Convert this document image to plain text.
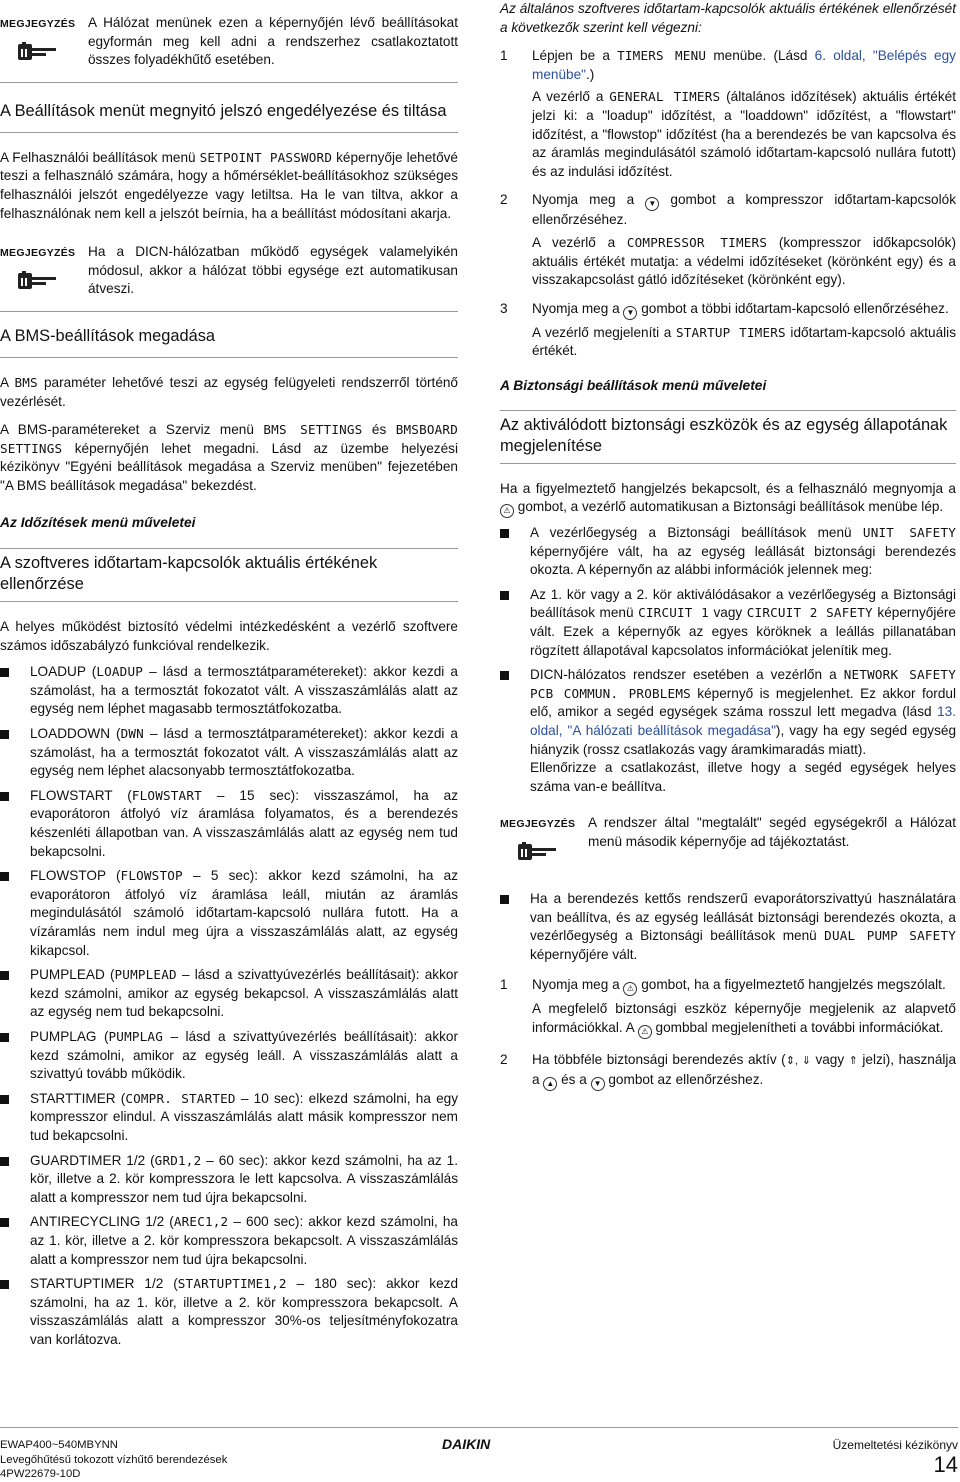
MEGJEGYZÉS A Hálózat menünek ezen a képernyőjén lévő beállításokat egyformán meg kell adni a rendszerhez csatlakoztatott összes folyadékhűtő esetében.

A Beállítások menüt megnyitó jelszó engedélyezése és tiltása

A Felhasználói beállítások menü SETPOINT PASSWORD képernyője lehetővé teszi a felhasználó számára, hogy a hőmérséklet-beállításokhoz szükséges felhasználói jelszót engedélyezze vagy letiltsa. Ha le van tiltva, akkor a felhasználónak nem kell a jelszót beírnia, ha a beállítást módosítani akarja.

MEGJEGYZÉS Ha a DICN-hálózatban működő egységek valamelyikén módosul, akkor a hálózat többi egysége ezt automatikusan átveszi.

A BMS-beállítások megadása

A BMS paraméter lehetővé teszi az egység felügyeleti rendszerről történő vezérlését.

A BMS-paramétereket a Szerviz menü BMS SETTINGS és BMSBOARD SETTINGS képernyőjén lehet megadni. Lásd az üzembe helyezési kézikönyv "Egyéni beállítások megadása a Szerviz menüben" fejezetében "A BMS beállítások megadása" bekezdést.

Az Időzítések menü műveletei

A szoftveres időtartam-kapcsolók aktuális értékének ellenőrzése

A helyes működést biztosító védelmi intézkedésként a vezérlő szoftvere számos időszabályzó funkcióval rendelkezik.

LOADUP (LOADUP – lásd a termosztátparamétereket): akkor kezdi a számolást, ha a termosztát fokozatot vált. A visszaszámlálás alatt az egység nem léphet magasabb termosztátfokozatba.

LOADDOWN (DWN – lásd a termosztátparamétereket): akkor kezdi a számolást, ha a termosztát fokozatot vált. A visszaszámlálás alatt az egység nem léphet alacsonyabb termosztátfokozatba.

FLOWSTART (FLOWSTART – 15 sec): visszaszámol, ha az evaporátoron átfolyó víz áramlása folyamatos, és a berendezés készenléti állapotban van. A visszaszámlálás alatt az egység nem tud bekapcsolni.

FLOWSTOP (FLOWSTOP – 5 sec): akkor kezd számolni, ha az evaporátoron átfolyó víz áramlása leáll, miután az áramlás megindulásától számoló időtartam-kapcsoló nullára futott. Ha a vízáramlás nem indul meg újra a visszaszámlálás alatt, az egység kikapcsol.

PUMPLEAD (PUMPLEAD – lásd a szivattyúvezérlés beállításait): akkor kezd számolni, amikor az egység bekapcsol. A visszaszámlálás alatt az egység nem tud bekapcsolni.

PUMPLAG (PUMPLAG – lásd a szivattyúvezérlés beállításait): akkor kezd számolni, amikor az egység leáll. A visszaszámlálás alatt a szivattyú tovább működik.

STARTTIMER (COMPR. STARTED – 10 sec): elkezd számolni, ha egy kompresszor elindul. A visszaszámlálás alatt másik kompresszor nem tud bekapcsolni.

GUARDTIMER 1/2 (GRD1,2 – 60 sec): akkor kezd számolni, ha az 1. kör, illetve a 2. kör kompresszora le lett kapcsolva. A visszaszámlálás alatt a kompresszor nem tud újra bekapcsolni.

ANTIRECYCLING 1/2 (AREC1,2 – 600 sec): akkor kezd számolni, ha az 1. kör, illetve a 2. kör kompresszora bekapcsolt. A visszaszámlálás alatt a kompresszor nem tud újra bekapcsolni.

STARTUPTIMER 1/2 (STARTUPTIME1,2 – 180 sec): akkor kezd számolni, ha az 1. kör, illetve a 2. kör kompresszora bekapcsolt. A visszaszámlálás alatt a kompresszor 30%-os teljesítményfokozatra van korlátozva.

Az általános szoftveres időtartam-kapcsolók aktuális értékének ellenőrzését a következők szerint kell végezni:

1	Lépjen be a TIMERS MENU menübe. (Lásd 6. oldal, "Belépés egy menübe".)

A vezérlő a GENERAL TIMERS (általános időzítések) aktuális értékét jelzi ki: a "loadup" időzítést, a "loaddown" időzítést, a "flowstart" időzítést, a "flowstop" időzítést (ha a berendezés be van kapcsolva és az áramlás megindulásától számoló időtartam-kapcsoló nullára futott) és az indulási időzítést.

2	Nyomja meg a ▼ gombot a kompresszor időtartam-kapcsolók ellenőrzéséhez.

A vezérlő a COMPRESSOR TIMERS (kompresszor időkapcsolók) aktuális értékét mutatja: a védelmi időzítéseket (körönként egy) és a visszakapcsolást gátló időzítéseket (körönként egy).

3	Nyomja meg a ▼ gombot a többi időtartam-kapcsoló ellenőrzéséhez.

A vezérlő megjeleníti a STARTUP TIMERS időtartam-kapcsoló aktuális értékét.

A Biztonsági beállítások menü műveletei

Az aktiválódott biztonsági eszközök és az egység állapotának megjelenítése

Ha a figyelmeztető hangjelzés bekapcsolt, és a felhasználó megnyomja a ⚠ gombot, a vezérlő automatikusan a Biztonsági beállítások menübe lép.

A vezérlőegység a Biztonsági beállítások menü UNIT SAFETY képernyőjére vált, ha az egység leállását biztonsági berendezés okozta. A képernyőn az alábbi információk jelennek meg:

Az 1. kör vagy a 2. kör aktiválódásakor a vezérlőegység a Biztonsági beállítások menü CIRCUIT 1 vagy CIRCUIT 2 SAFETY képernyőjére vált. Ezek a képernyők az egyes köröknek a leállás pillanatában rögzített állapotával kapcsolatos információkat jelenítik meg.

DICN-hálózatos rendszer esetében a vezérlőn a NETWORK SAFETY PCB COMMUN. PROBLEMS képernyő is megjelenhet. Ez akkor fordul elő, amikor a segéd egységek száma rosszul lett megadva (lásd 13. oldal, "A hálózati beállítások megadása"), vagy ha egy segéd egység hiányzik (rossz csatlakozás vagy áramkimaradás miatt).

Ellenőrizze a csatlakozást, illetve hogy a segéd egységek helyes száma van-e beállítva.

MEGJEGYZÉS A rendszer által "megtalált" segéd egységekről a Hálózat menü második képernyője ad tájékoztatást.

Ha a berendezés kettős rendszerű evaporátorszivattyú használatára van beállítva, és az egység leállását biztonsági berendezés okozta, a vezérlőegység a Biztonsági beállítások menü DUAL PUMP SAFETY képernyőjére vált.

1	Nyomja meg a ⚠ gombot, ha a figyelmeztető hangjelzés megszólalt.

A megfelelő biztonsági eszköz képernyője megjelenik az alapvető információkkal. A ⚠ gombbal megjelenítheti a további információkat.

2	Ha többféle biztonsági berendezés aktív (⇕, ⇓ vagy ⇑ jelzi), használja a ▲ és a ▼ gombot az ellenőrzéshez.

EWAP400~540MBYNN
Levegőhűtésű tokozott vízhűtő berendezések
4PW22679-10D
DAIKIN	Üzemeltetési kézikönyv
14
